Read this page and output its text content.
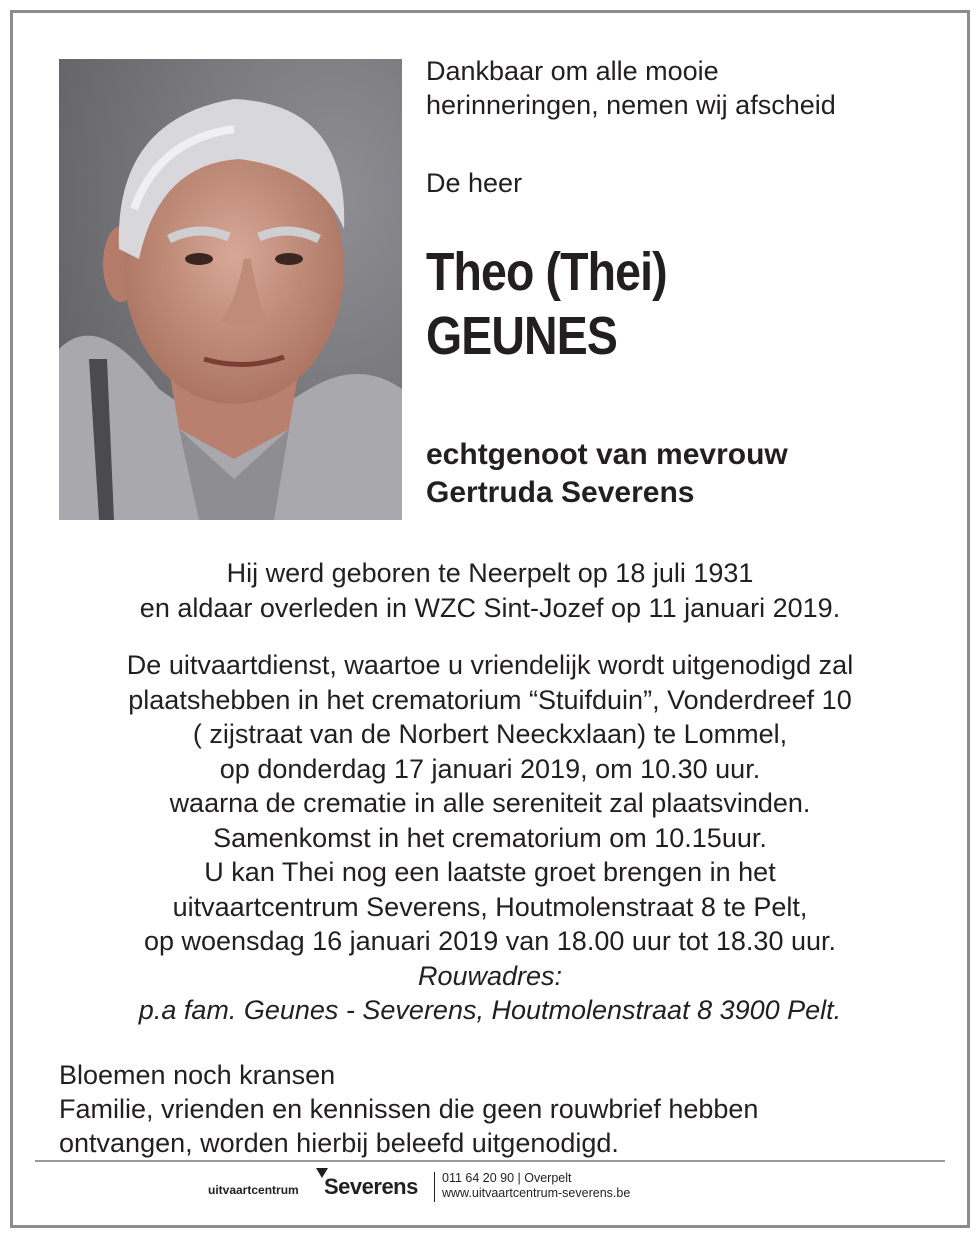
Dankbaar om alle mooie
herinneringen, nemen wij afscheid
De heer
Theo (Thei)
GEUNES
echtgenoot van mevrouw
Gertruda Severens
Hij werd geboren te Neerpelt op 18 juli 1931
en aldaar overleden in WZC Sint-Jozef op 11 januari 2019.
De uitvaartdienst, waartoe u vriendelijk wordt uitgenodigd zal
plaatshebben in het crematorium “Stuifduin”, Vonderdreef 10
( zijstraat van de Norbert Neeckxlaan) te Lommel,
op donderdag 17 januari 2019, om 10.30 uur.
waarna de crematie in alle sereniteit zal plaatsvinden.
Samenkomst in het crematorium om 10.15uur.
U kan Thei nog een laatste groet brengen in het
uitvaartcentrum Severens, Houtmolenstraat 8 te Pelt,
op woensdag 16 januari 2019 van 18.00 uur tot 18.30 uur.
Rouwadres:
p.a fam. Geunes - Severens, Houtmolenstraat 8 3900 Pelt.
Bloemen noch kransen
Familie, vrienden en kennissen die geen rouwbrief hebben
ontvangen, worden hierbij beleefd uitgenodigd.
uitvaartcentrum Severens 011 64 20 90 | Overpelt
www.uitvaartcentrum-severens.be
